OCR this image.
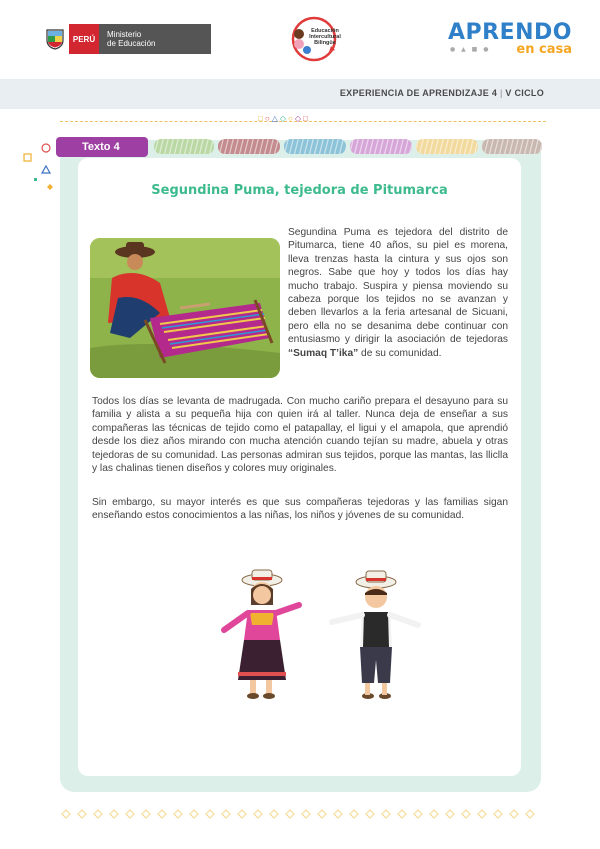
PERÚ	Ministerio
de Educación
Educación Intercultural Bilingüe	APRENDO
en casa
● ▲ ■ ●
EXPERIENCIA DE APRENDIZAJE 4 | V CICLO
□○△◇○◇□
Texto 4
Segundina Puma, tejedora de Pitumarca
Segundina Puma es tejedora del distrito de Pitumarca, tiene 40 años, su piel es morena, lleva trenzas hasta la cintura y sus ojos son negros. Sabe que hoy y todos los días hay mucho trabajo. Suspira y piensa moviendo su cabeza porque los tejidos no se avanzan y deben llevarlos a la feria artesanal de Sicuani, pero ella no se desanima debe continuar con entusiasmo y dirigir la asociación de tejedoras “Sumaq T’ika” de su comunidad.
Todos los días se levanta de madrugada. Con mucho cariño prepara el desayuno para su familia y alista a su pequeña hija con quien irá al taller. Nunca deja de enseñar a sus compañeras las técnicas de tejido como el patapallay, el ligui y el amapola, que aprendió desde los diez años mirando con mucha atención cuando tejían su madre, abuela y otras tejedoras de su comunidad. Las personas admiran sus tejidos, porque las mantas, las lliclla y las chalinas tienen diseños y colores muy originales.
Sin embargo, su mayor interés es que sus compañeras tejedoras y las familias sigan enseñando estos conocimientos a las niñas, los niños y jóvenes de su comunidad.
